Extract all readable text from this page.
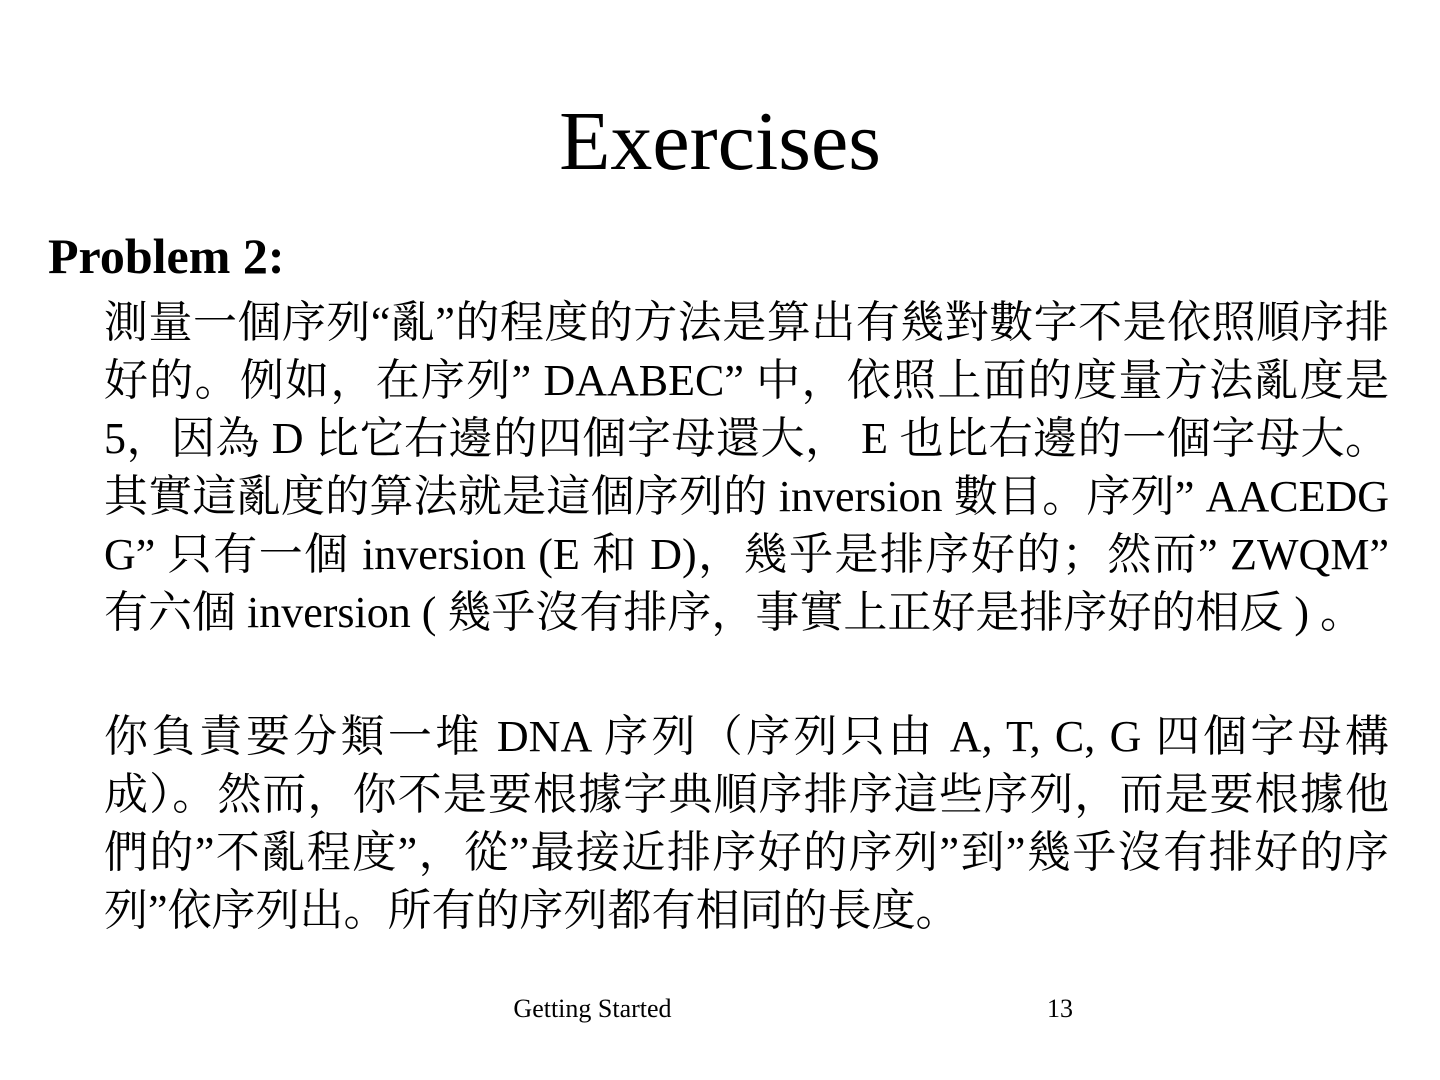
Exercises
Problem 2:

測量一個序列“亂”的程度的方法是算出有幾對數字不是依照順序排好的。例如，在序列” DAABEC” 中，依照上面的度量方法亂度是 5，因為 D 比它右邊的四個字母還大， E 也比右邊的一個字母大。其實這亂度的算法就是這個序列的 inversion 數目。序列” AACEDGG” 只有一個 inversion (E 和 D)，幾乎是排序好的；然而” ZWQM” 有六個 inversion ( 幾乎沒有排序，事實上正好是排序好的相反 ) 。

你負責要分類一堆 DNA 序列（序列只由 A, T, C, G 四個字母構成）。然而，你不是要根據字典順序排序這些序列，而是要根據他們的”不亂程度”，從”最接近排序好的序列”到”幾乎沒有排好的序列”依序列出。所有的序列都有相同的長度。

Getting Started	13
